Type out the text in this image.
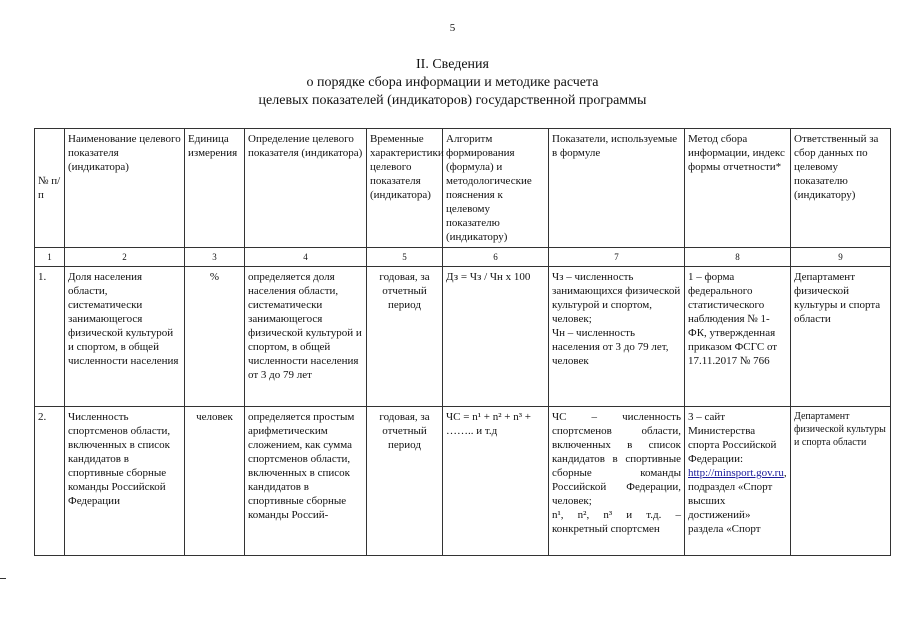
5
II. Сведения
о порядке сбора информации и методике расчета
целевых показателей (индикаторов) государственной программы
№ п/п	Наименование целевого показателя (индикатора)	Единица измерения	Определение целевого показателя (индикатора)	Временные характеристики целевого показателя (индикатора)	Алгоритм формирования (формула) и методологические пояснения к целевому показателю (индикатору)	Показатели, используемые в формуле	Метод сбора информации, индекс формы отчетности*	Ответственный за сбор данных по целевому показателю (индикатору)
1	2	3	4	5	6	7	8	9
1.	Доля населения области, систематически занимающегося физической культурой и спортом, в общей численности населения	%	определяется доля населения области, систематически занимающегося физической культурой и спортом, в общей численности населения от 3 до 79 лет	годовая, за отчетный период	Дз = Чз / Чн х 100	Чз – численность занимающихся физической культурой и спортом, человек;
Чн – численность населения от 3 до 79 лет, человек	1 – форма федерального статистического наблюдения № 1-ФК, утвержденная приказом ФСГС от 17.11.2017 № 766	Департамент физической культуры и спорта области
2.	Численность спортсменов области, включенных в список кандидатов в спортивные сборные команды Российской Федерации	человек	определяется простым арифметическим сложением, как сумма спортсменов области, включенных в список кандидатов в спортивные сборные команды Россий-	годовая, за отчетный период	ЧС = n¹ + n² + n³ + …….. и т.д	ЧС – численность спортсменов области, включенных в список кандидатов в спортивные сборные команды Российской Федерации, человек;
n¹, n², n³ и т.д. – конкретный спортсмен	3 – сайт Министерства спорта Российской Федерации: http://minsport.gov.ru, подраздел «Спорт высших достижений» раздела «Спорт	Департамент физической культуры и спорта области
